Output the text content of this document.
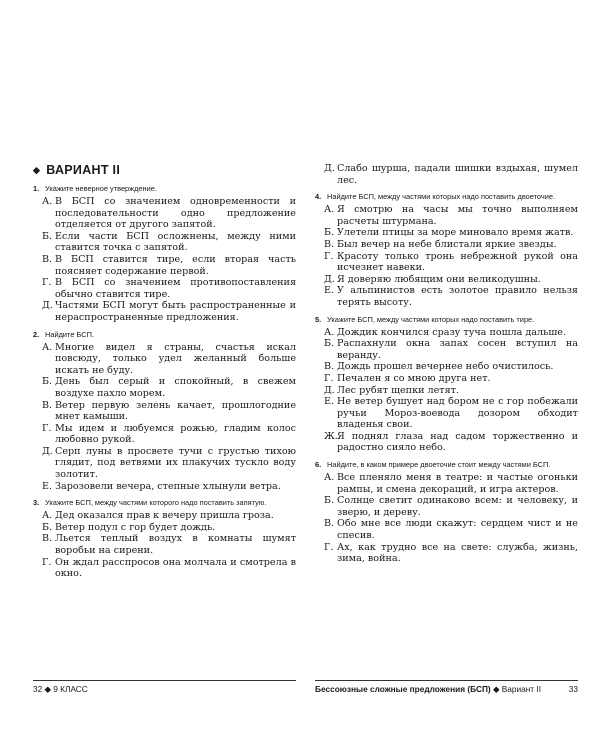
◆ ВАРИАНТ II
1. Укажите неверное утверждение.
А. В БСП со значением одновременности и последовательности одно предложение отделяется от другого запятой.
Б. Если части БСП осложнены, между ними ставится точка с запятой.
В. В БСП ставится тире, если вторая часть поясняет содержание первой.
Г. В БСП со значением противопоставления обычно ставится тире.
Д. Частями БСП могут быть распространенные и нераспространенные предложения.
2. Найдите БСП.
А. Многие видел я страны, счастья искал повсюду, только удел желанный больше искать не буду.
Б. День был серый и спокойный, в свежем воздухе пахло морем.
В. Ветер первую зелень качает, прошлогодние мнет камыши.
Г. Мы идем и любуемся рожью, гладим колос любовно рукой.
Д. Серп луны в просвете тучи с грустью тихою глядит, под ветвями их плакучих тускло воду золотит.
Е. Зарозовели вечера, степные хлынули ветра.
3. Укажите БСП, между частями которого надо поставить запятую.
А. Дед оказался прав к вечеру пришла гроза.
Б. Ветер подул с гор будет дождь.
В. Льется теплый воздух в комнаты шумят воробьи на сирени.
Г. Он ждал расспросов она молчала и смотрела в окно.
Д. Слабо шурша, падали шишки вздыхая, шумел лес.
4. Найдите БСП, между частями которых надо поставить двоеточие.
А. Я смотрю на часы мы точно выполняем расчеты штурмана.
Б. Улетели птицы за море миновало время жатв.
В. Был вечер на небе блистали яркие звезды.
Г. Красоту только тронь небрежной рукой она исчезнет навеки.
Д. Я доверяю любящим они великодушны.
Е. У альпинистов есть золотое правило нельзя терять высоту.
5. Укажите БСП, между частями которых надо поставить тире.
А. Дождик кончился сразу туча пошла дальше.
Б. Распахнули окна запах сосен вступил на веранду.
В. Дождь прошел вечернее небо очистилось.
Г. Печален я со мною друга нет.
Д. Лес рубят щепки летят.
Е. Не ветер бушует над бором не с гор побежали ручьи Мороз-воевода дозором обходит владенья свои.
Ж. Я поднял глаза над садом торжественно и радостно сияло небо.
6. Найдите, в каком примере двоеточие стоит между частями БСП.
А. Все пленяло меня в театре: и частые огоньки рампы, и смена декораций, и игра актеров.
Б. Солнце светит одинаково всем: и человеку, и зверю, и дереву.
В. Обо мне все люди скажут: сердцем чист и не спесив.
Г. Ах, как трудно все на свете: служба, жизнь, зима, война.
32 ◆ 9 КЛАСС	Бессоюзные сложные предложения (БСП) ◆ Вариант II	33
